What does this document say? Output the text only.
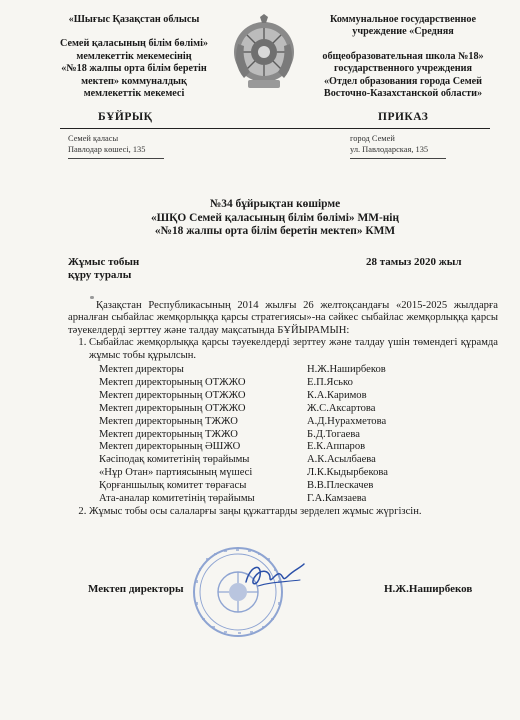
«Шығыс Қазақстан облысы
Семей қаласының білім бөлімі»
мемлекеттік мекемесінің
«№18 жалпы орта білім беретін
мектеп» коммуналдық
мемлекеттік мекемесі
Коммунальное государственное
учреждение «Средняя
общеобразовательная школа №18»
государственного учреждения
«Отдел образования города Семей
Восточно-Казахстанской области»
БҰЙРЫҚ	ПРИКАЗ
Семей қаласы
Павлодар көшесі, 135
город Семей
ул. Павлодарская, 135
№34 бұйрықтан көшірме
«ШҚО Семей қаласының білім бөлімі» ММ-нің
«№18 жалпы орта білім беретін мектеп» КММ
Жұмыс тобын
құру туралы
28 тамыз 2020 жыл
Қазақстан Республикасының 2014 жылғы 26 желтоқсандағы «2015-2025 жылдарға арналған сыбайлас жемқорлыққа қарсы стратегиясы»-на сәйкес сыбайлас жемқорлыққа қарсы тәуекелдерді зерттеу және талдау мақсатында БҰЙЫРАМЫН:
1. Сыбайлас жемқорлыққа қарсы тәуекелдерді зерттеу және талдау үшін төмендегі құрамда жұмыс тобы құрылсын.
Мектеп директоры	Н.Ж.Наширбеков
Мектеп директорының ОТЖЖО	Е.П.Ясько
Мектеп директорының ОТЖЖО	К.А.Каримов
Мектеп директорының ОТЖЖО	Ж.С.Аксартова
Мектеп директорының ТЖЖО	А.Д.Нурахметова
Мектеп директорының ТЖЖО	Б.Д.Тогаева
Мектеп директорының ӘШЖО	Е.К.Аппаров
Кәсіподақ комитетінің төрайымы	А.К.Асылбаева
«Нұр Отан» партиясының мүшесі	Л.К.Кыдырбекова
Қорғаншылық комитет төрағасы	В.В.Плескачев
Ата-аналар комитетінің төрайымы	Г.А.Камзаева
2. Жұмыс тобы осы салаларғы заңы құжаттарды зерделеп жұмыс жүргізсін.
Мектеп директоры	Н.Ж.Наширбеков
